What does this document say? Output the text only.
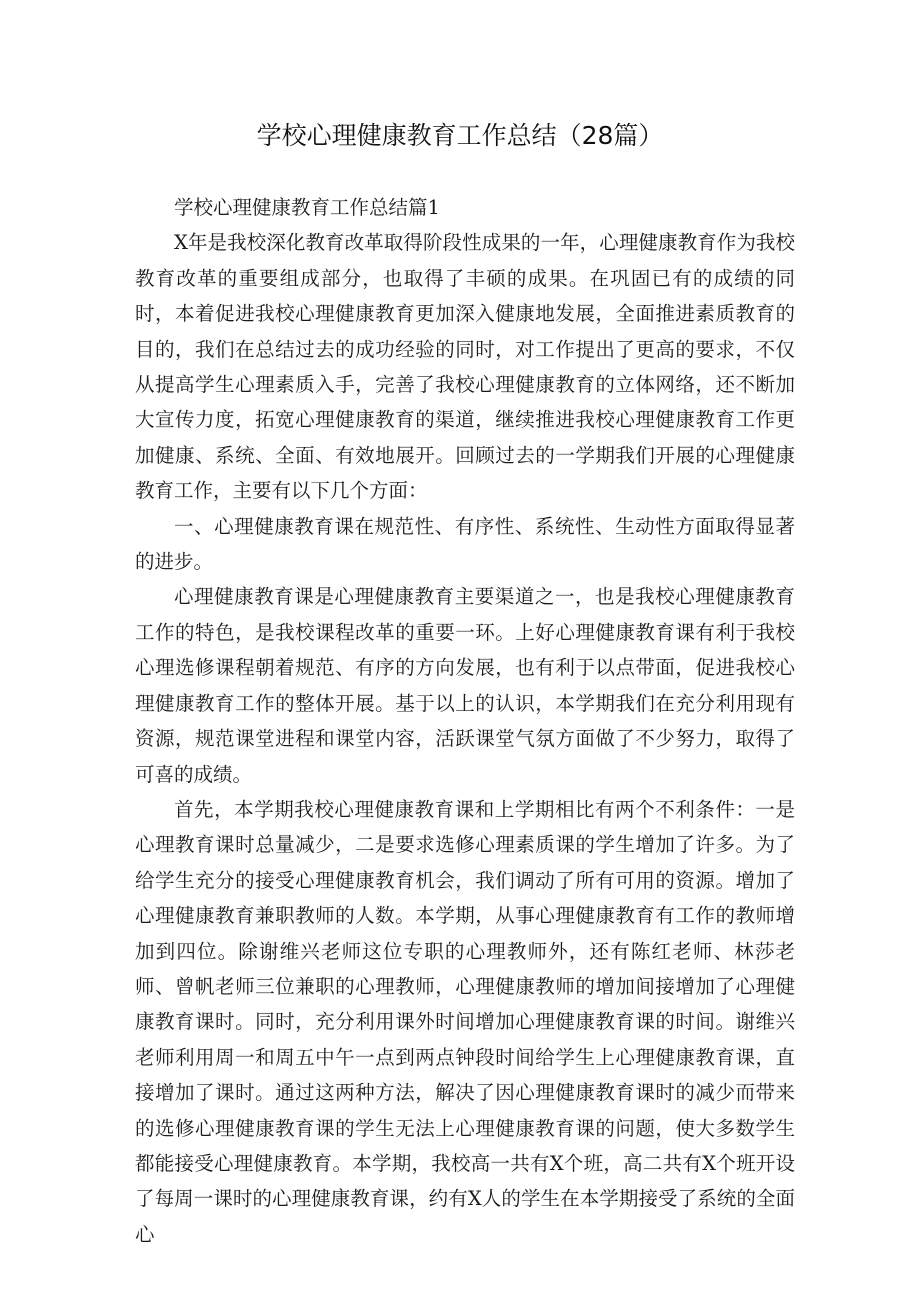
学校心理健康教育工作总结（28篇）

学校心理健康教育工作总结篇1

X年是我校深化教育改革取得阶段性成果的一年，心理健康教育作为我校教育改革的重要组成部分，也取得了丰硕的成果。在巩固已有的成绩的同时，本着促进我校心理健康教育更加深入健康地发展，全面推进素质教育的目的，我们在总结过去的成功经验的同时，对工作提出了更高的要求，不仅从提高学生心理素质入手，完善了我校心理健康教育的立体网络，还不断加大宣传力度，拓宽心理健康教育的渠道，继续推进我校心理健康教育工作更加健康、系统、全面、有效地展开。回顾过去的一学期我们开展的心理健康教育工作，主要有以下几个方面：

一、心理健康教育课在规范性、有序性、系统性、生动性方面取得显著的进步。

心理健康教育课是心理健康教育主要渠道之一，也是我校心理健康教育工作的特色，是我校课程改革的重要一环。上好心理健康教育课有利于我校心理选修课程朝着规范、有序的方向发展，也有利于以点带面，促进我校心理健康教育工作的整体开展。基于以上的认识，本学期我们在充分利用现有资源，规范课堂进程和课堂内容，活跃课堂气氛方面做了不少努力，取得了可喜的成绩。

首先，本学期我校心理健康教育课和上学期相比有两个不利条件：一是心理教育课时总量减少，二是要求选修心理素质课的学生增加了许多。为了给学生充分的接受心理健康教育机会，我们调动了所有可用的资源。增加了心理健康教育兼职教师的人数。本学期，从事心理健康教育有工作的教师增加到四位。除谢维兴老师这位专职的心理教师外，还有陈红老师、林莎老师、曾帆老师三位兼职的心理教师，心理健康教师的增加间接增加了心理健康教育课时。同时，充分利用课外时间增加心理健康教育课的时间。谢维兴老师利用周一和周五中午一点到两点钟段时间给学生上心理健康教育课，直接增加了课时。通过这两种方法，解决了因心理健康教育课时的减少而带来的选修心理健康教育课的学生无法上心理健康教育课的问题，使大多数学生都能接受心理健康教育。本学期，我校高一共有X个班，高二共有X个班开设了每周一课时的心理健康教育课，约有X人的学生在本学期接受了系统的全面心
